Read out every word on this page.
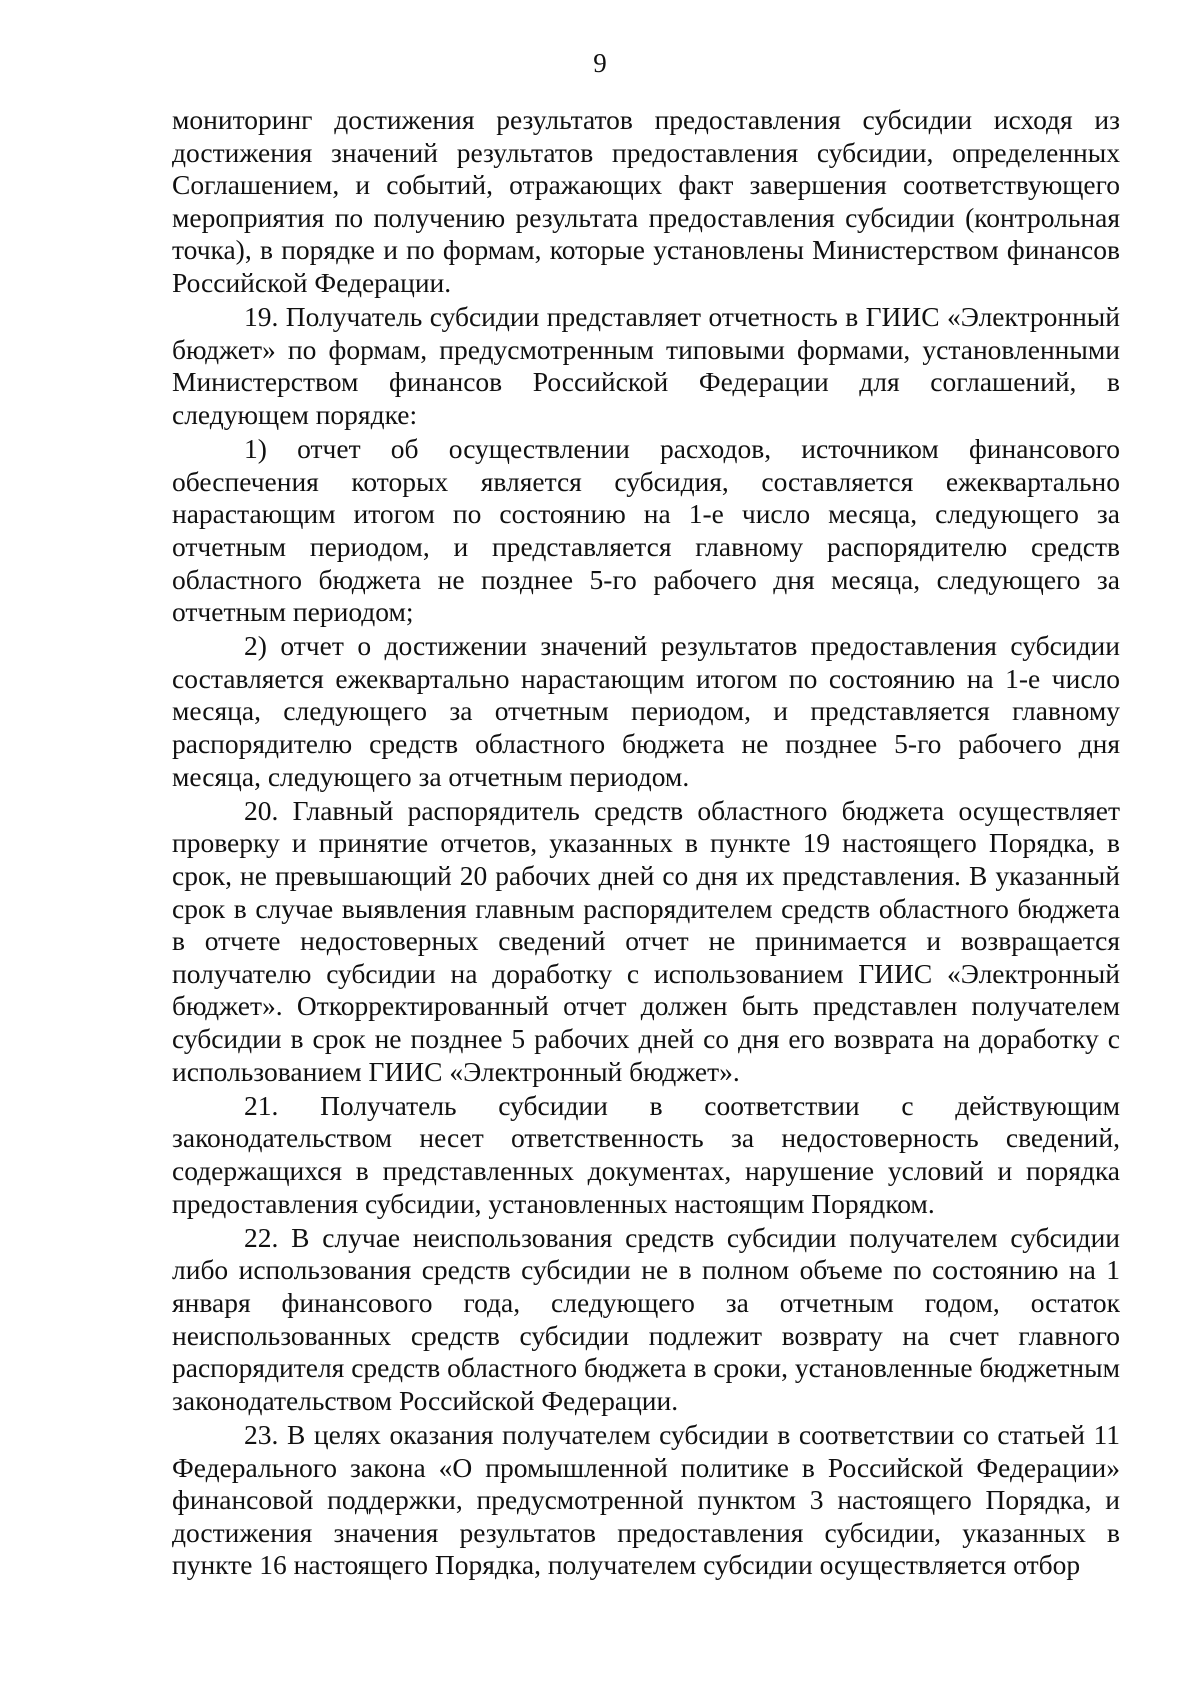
9

мониторинг достижения результатов предоставления субсидии исходя из достижения значений результатов предоставления субсидии, определенных Соглашением, и событий, отражающих факт завершения соответствующего мероприятия по получению результата предоставления субсидии (контрольная точка), в порядке и по формам, которые установлены Министерством финансов Российской Федерации.

19. Получатель субсидии представляет отчетность в ГИИС «Электронный бюджет» по формам, предусмотренным типовыми формами, установленными Министерством финансов Российской Федерации для соглашений, в следующем порядке:

1) отчет об осуществлении расходов, источником финансового обеспечения которых является субсидия, составляется ежеквартально нарастающим итогом по состоянию на 1-е число месяца, следующего за отчетным периодом, и представляется главному распорядителю средств областного бюджета не позднее 5-го рабочего дня месяца, следующего за отчетным периодом;

2) отчет о достижении значений результатов предоставления субсидии составляется ежеквартально нарастающим итогом по состоянию на 1-е число месяца, следующего за отчетным периодом, и представляется главному распорядителю средств областного бюджета не позднее 5-го рабочего дня месяца, следующего за отчетным периодом.

20. Главный распорядитель средств областного бюджета осуществляет проверку и принятие отчетов, указанных в пункте 19 настоящего Порядка, в срок, не превышающий 20 рабочих дней со дня их представления. В указанный срок в случае выявления главным распорядителем средств областного бюджета в отчете недостоверных сведений отчет не принимается и возвращается получателю субсидии на доработку с использованием ГИИС «Электронный бюджет». Откорректированный отчет должен быть представлен получателем субсидии в срок не позднее 5 рабочих дней со дня его возврата на доработку с использованием ГИИС «Электронный бюджет».

21. Получатель субсидии в соответствии с действующим законодательством несет ответственность за недостоверность сведений, содержащихся в представленных документах, нарушение условий и порядка предоставления субсидии, установленных настоящим Порядком.

22. В случае неиспользования средств субсидии получателем субсидии либо использования средств субсидии не в полном объеме по состоянию на 1 января финансового года, следующего за отчетным годом, остаток неиспользованных средств субсидии подлежит возврату на счет главного распорядителя средств областного бюджета в сроки, установленные бюджетным законодательством Российской Федерации.

23. В целях оказания получателем субсидии в соответствии со статьей 11 Федерального закона «О промышленной политике в Российской Федерации» финансовой поддержки, предусмотренной пунктом 3 настоящего Порядка, и достижения значения результатов предоставления субсидии, указанных в пункте 16 настоящего Порядка, получателем субсидии осуществляется отбор
